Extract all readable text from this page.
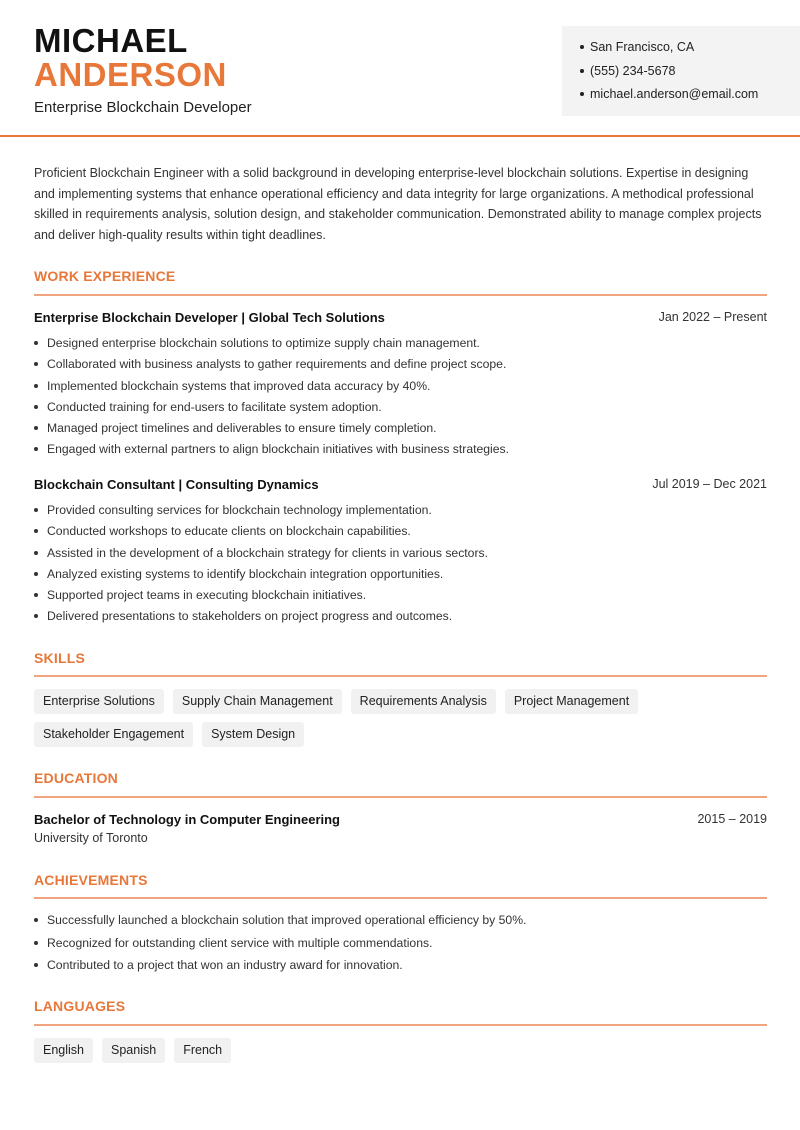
MICHAEL
ANDERSON
Enterprise Blockchain Developer
San Francisco, CA
(555) 234-5678
michael.anderson@email.com

Proficient Blockchain Engineer with a solid background in developing enterprise-level blockchain solutions. Expertise in designing and implementing systems that enhance operational efficiency and data integrity for large organizations. A methodical professional skilled in requirements analysis, solution design, and stakeholder communication. Demonstrated ability to manage complex projects and deliver high-quality results within tight deadlines.

WORK EXPERIENCE
Enterprise Blockchain Developer | Global Tech Solutions	Jan 2022 – Present
Designed enterprise blockchain solutions to optimize supply chain management.
Collaborated with business analysts to gather requirements and define project scope.
Implemented blockchain systems that improved data accuracy by 40%.
Conducted training for end-users to facilitate system adoption.
Managed project timelines and deliverables to ensure timely completion.
Engaged with external partners to align blockchain initiatives with business strategies.
Blockchain Consultant | Consulting Dynamics	Jul 2019 – Dec 2021
Provided consulting services for blockchain technology implementation.
Conducted workshops to educate clients on blockchain capabilities.
Assisted in the development of a blockchain strategy for clients in various sectors.
Analyzed existing systems to identify blockchain integration opportunities.
Supported project teams in executing blockchain initiatives.
Delivered presentations to stakeholders on project progress and outcomes.
SKILLS
Enterprise Solutions	Supply Chain Management	Requirements Analysis	Project Management
Stakeholder Engagement	System Design
EDUCATION
Bachelor of Technology in Computer Engineering	2015 – 2019
University of Toronto
ACHIEVEMENTS
Successfully launched a blockchain solution that improved operational efficiency by 50%.
Recognized for outstanding client service with multiple commendations.
Contributed to a project that won an industry award for innovation.
LANGUAGES
English	Spanish	French
